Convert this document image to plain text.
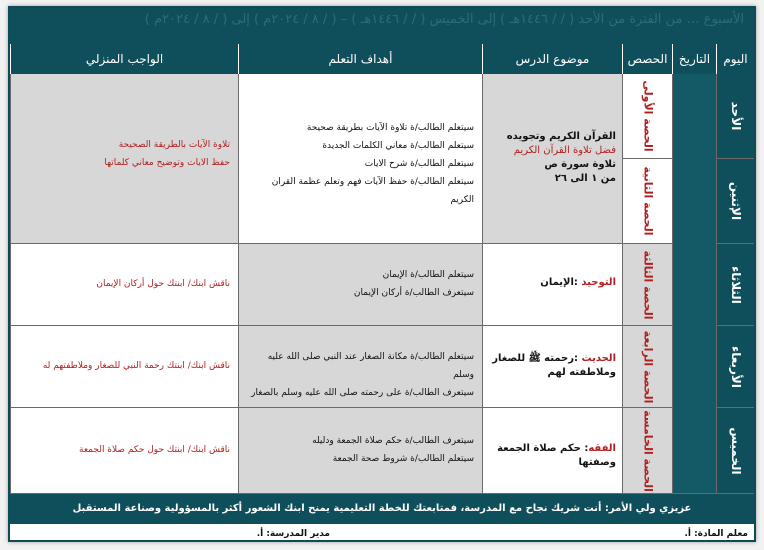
الأسبوع … من الفترة من الأحد ( / / ١٤٤٦هـ ) إلى الخميس ( / / ١٤٤٦هـ ) – ( / ٨ / ٢٠٢٤م ) إلى ( / ٨ / ٢٠٢٤م )
اليوم
التاريخ
الحصص
موضوع الدرس
أهداف التعلم
الواجب المنزلي
الأحد
الإثنين
الثلاثاء
الأربعاء
الخميس
الحصة الأولى
الحصة الثانية
الحصة الثالثة
الحصة الرابعة
الحصة الخامسة
القرآن الكريم وتجويده
فضل تلاوة القرآن الكريم
تلاوة سورة ص
من ١ الى ٢٦
سيتعلم الطالب/ة تلاوة الآيات بطريقة صحيحة
سيتعلم الطالب/ة معاني الكلمات الجديدة
سيتعلم الطالب/ة شرح الايات
سيتعلم الطالب/ة حفظ الآيات فهم وتعلم عظمة القران الكريم
تلاوة الآيات بالطريقة الصحيحة
حفظ الايات وتوضيح معاني كلماتها
التوحيد :الإيمان
سيتعلم الطالب/ة الإيمان
سيتعرف الطالب/ة أركان الإيمان
ناقش ابنك/ ابنتك حول أركان الإيمان
الحديث :رحمته ﷺ للصغار وملاطفته لهم
سيتعلم الطالب/ة مكانة الصغار عند النبي صلى الله عليه وسلم
سيتعرف الطالب/ة على رحمته صلى الله عليه وسلم بالصغار
ناقش ابنك/ ابنتك رحمة النبي للصغار وملاطفتهم له
الفقه: حكم صلاة الجمعة وصفتها
سيتعرف الطالب/ة حكم صلاة الجمعة ودليله
سيتعلم الطالب/ة شروط صحة الجمعة
ناقش ابنك/ ابنتك حول حكم صلاة الجمعة
عزيزي ولي الأمر: أنت شريك نجاح مع المدرسة، فمتابعتك للخطة التعليمية يمنح ابنك الشعور أكثر بالمسؤولية وصناعة المستقبل
معلم المادة: أ.
مدير المدرسة: أ.
